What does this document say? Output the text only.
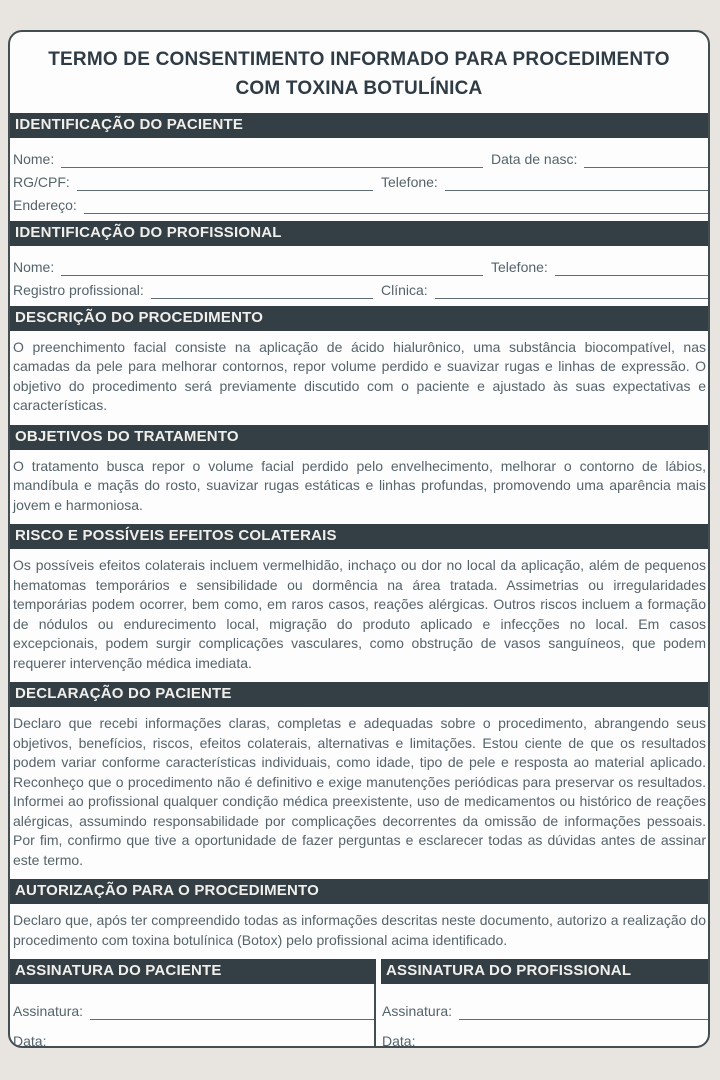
TERMO DE CONSENTIMENTO INFORMADO PARA PROCEDIMENTO
COM TOXINA BOTULÍNICA
IDENTIFICAÇÃO DO PACIENTE
Nome:	Data de nasc:
RG/CPF:	Telefone:
Endereço:
IDENTIFICAÇÃO DO PROFISSIONAL
Nome:	Telefone:
Registro profissional:	Clínica:
DESCRIÇÃO DO PROCEDIMENTO
O preenchimento facial consiste na aplicação de ácido hialurônico, uma substância biocompatível, nas camadas da pele para melhorar contornos, repor volume perdido e suavizar rugas e linhas de expressão. O objetivo do procedimento será previamente discutido com o paciente e ajustado às suas expectativas e características.
OBJETIVOS DO TRATAMENTO
O tratamento busca repor o volume facial perdido pelo envelhecimento, melhorar o contorno de lábios, mandíbula e maçãs do rosto, suavizar rugas estáticas e linhas profundas, promovendo uma aparência mais jovem e harmoniosa.
RISCO E POSSÍVEIS EFEITOS COLATERAIS
Os possíveis efeitos colaterais incluem vermelhidão, inchaço ou dor no local da aplicação, além de pequenos hematomas temporários e sensibilidade ou dormência na área tratada. Assimetrias ou irregularidades temporárias podem ocorrer, bem como, em raros casos, reações alérgicas. Outros riscos incluem a formação de nódulos ou endurecimento local, migração do produto aplicado e infecções no local. Em casos excepcionais, podem surgir complicações vasculares, como obstrução de vasos sanguíneos, que podem requerer intervenção médica imediata.
DECLARAÇÃO DO PACIENTE
Declaro que recebi informações claras, completas e adequadas sobre o procedimento, abrangendo seus objetivos, benefícios, riscos, efeitos colaterais, alternativas e limitações. Estou ciente de que os resultados podem variar conforme características individuais, como idade, tipo de pele e resposta ao material aplicado. Reconheço que o procedimento não é definitivo e exige manutenções periódicas para preservar os resultados. Informei ao profissional qualquer condição médica preexistente, uso de medicamentos ou histórico de reações alérgicas, assumindo responsabilidade por complicações decorrentes da omissão de informações pessoais. Por fim, confirmo que tive a oportunidade de fazer perguntas e esclarecer todas as dúvidas antes de assinar este termo.
AUTORIZAÇÃO PARA O PROCEDIMENTO
Declaro que, após ter compreendido todas as informações descritas neste documento, autorizo a realização do procedimento com toxina botulínica (Botox) pelo profissional acima identificado.
ASSINATURA DO PACIENTE	ASSINATURA DO PROFISSIONAL
Assinatura:
Data:
Assinatura:
Data:
